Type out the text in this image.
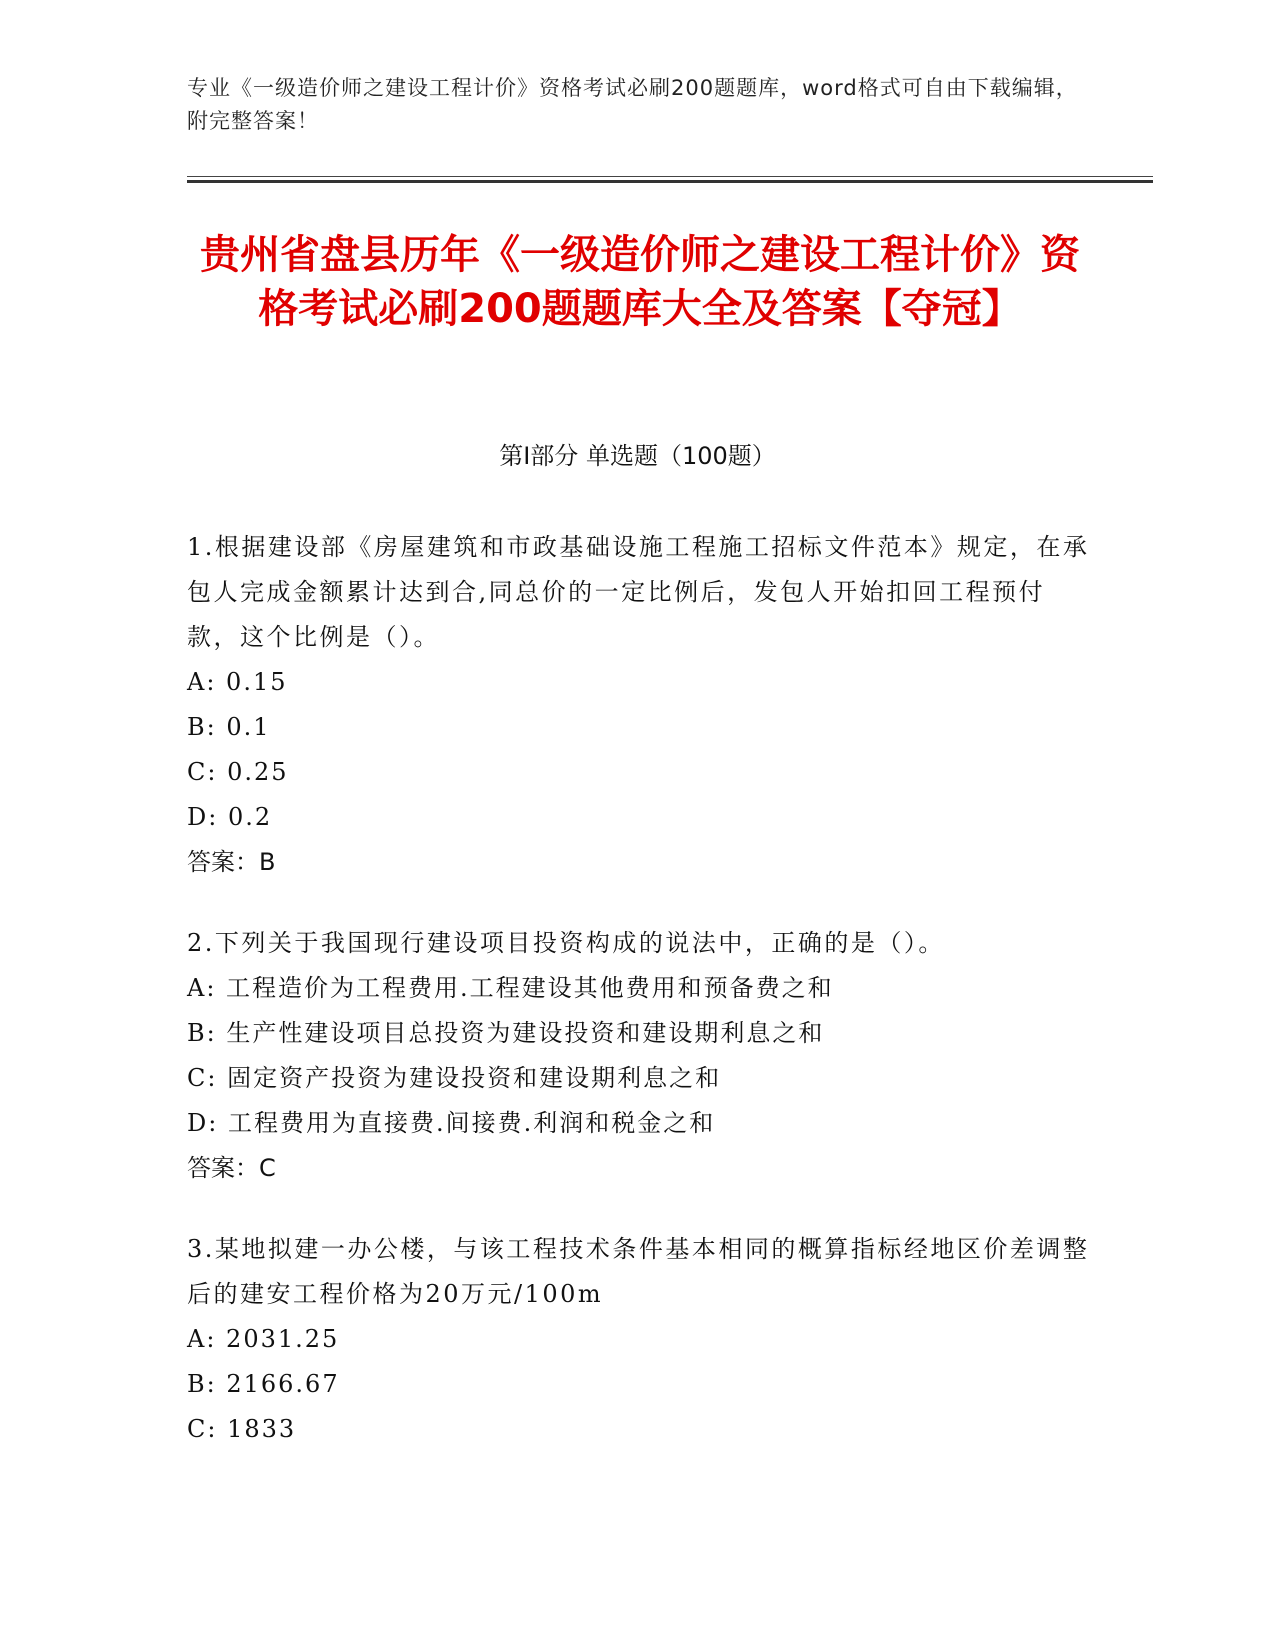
专业《一级造价师之建设工程计价》资格考试必刷200题题库，word格式可自由下载编辑，附完整答案！
贵州省盘县历年《一级造价师之建设工程计价》资格考试必刷200题题库大全及答案【夺冠】
第I部分 单选题（100题）
1.根据建设部《房屋建筑和市政基础设施工程施工招标文件范本》规定，在承包人完成金额累计达到合,同总价的一定比例后，发包人开始扣回工程预付款，这个比例是（）。
A: 0.15
B: 0.1
C: 0.25
D: 0.2
答案：B
2.下列关于我国现行建设项目投资构成的说法中，正确的是（）。
A: 工程造价为工程费用.工程建设其他费用和预备费之和
B: 生产性建设项目总投资为建设投资和建设期利息之和
C: 固定资产投资为建设投资和建设期利息之和
D: 工程费用为直接费.间接费.利润和税金之和
答案：C
3.某地拟建一办公楼，与该工程技术条件基本相同的概算指标经地区价差调整后的建安工程价格为20万元/100m
A: 2031.25
B: 2166.67
C: 1833
